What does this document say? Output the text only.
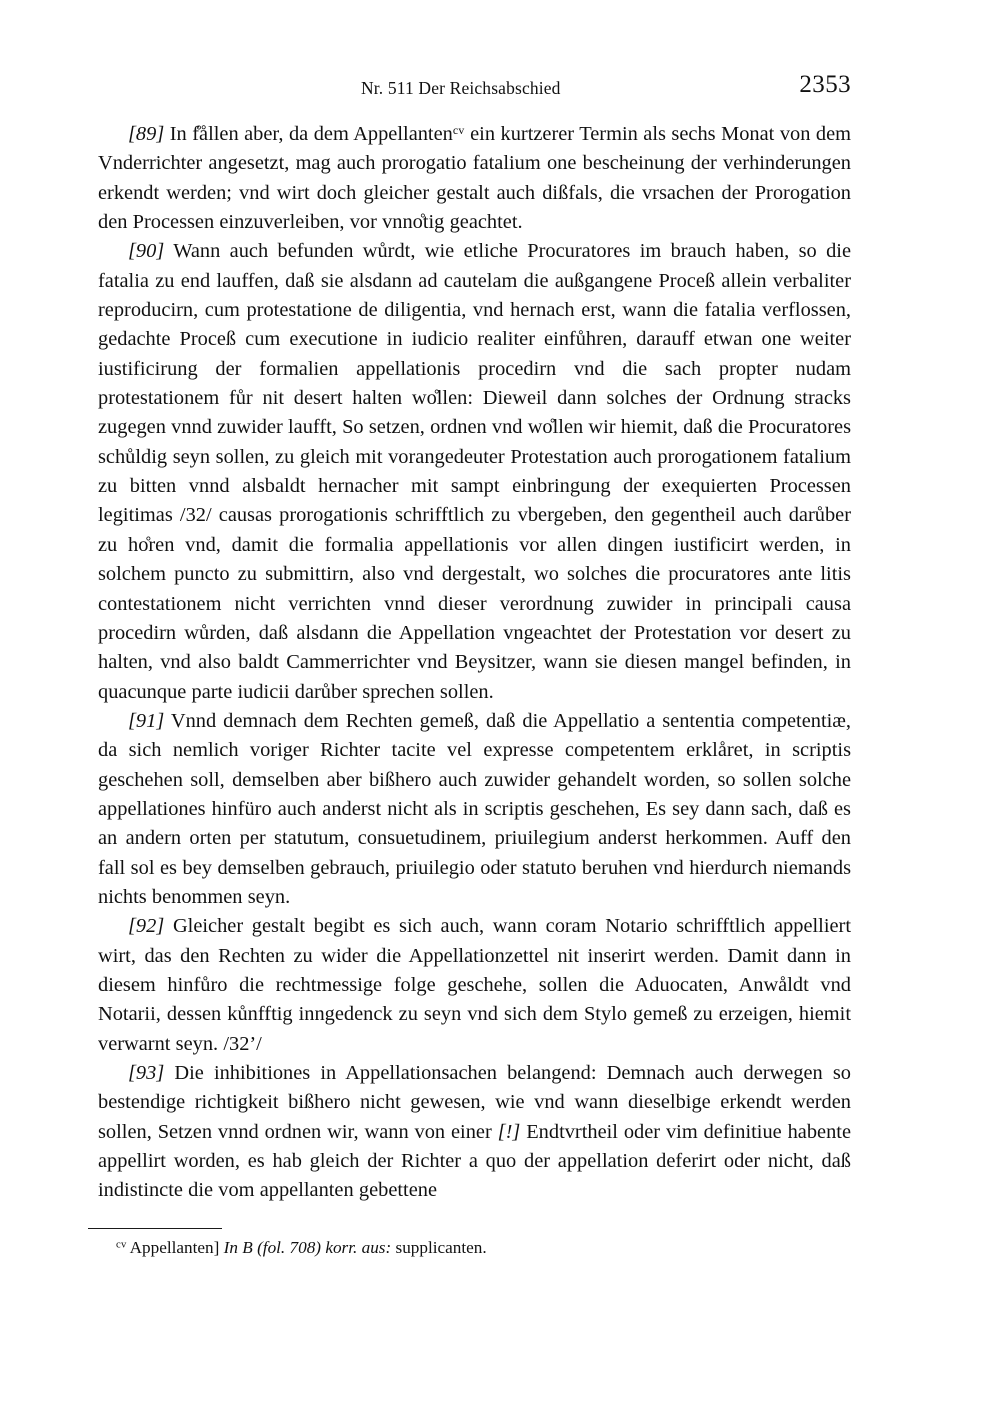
Nr. 511 Der Reichsabschied	2353

[89] In f̊ållen aber, da dem Appellanten$^{cv}$ ein kurtzerer Termin als sechs Monat von dem Vnderrichter angesetzt, mag auch prorogatio fatalium one bescheinung der verhinderungen erkendt werden; vnd wirt doch gleicher gestalt auch dißfals, die vrsachen der Prorogation den Processen einzuverleiben, vor vnno̊tig geachtet.

[90] Wann auch befunden wůrdt, wie etliche Procuratores im brauch haben, so die fatalia zu end lauffen, daß sie alsdann ad cautelam die außgangene Proceß allein verbaliter reproducirn, cum protestatione de diligentia, vnd hernach erst, wann die fatalia verflossen, gedachte Proceß cum executione in iudicio realiter einfůhren, darauff etwan one weiter iustificirung der formalien appellationis procedirn vnd die sach propter nudam protestationem fůr nit desert halten wo̊llen: Dieweil dann solches der Ordnung stracks zugegen vnnd zuwider laufft, So setzen, ordnen vnd wo̊llen wir hiemit, daß die Procuratores schůldig seyn sollen, zu gleich mit vorangedeuter Protestation auch prorogationem fatalium zu bitten vnnd alsbaldt hernacher mit sampt einbringung der exequierten Processen legitimas /32/ causas prorogationis schrifftlich zu vbergeben, den gegentheil auch darůber zu ho̊ren vnd, damit die formalia appellationis vor allen dingen iustificirt werden, in solchem puncto zu submittirn, also vnd dergestalt, wo solches die procuratores ante litis contestationem nicht verrichten vnnd dieser verordnung zuwider in principali causa procedirn wůrden, daß alsdann die Appellation vngeachtet der Protestation vor desert zu halten, vnd also baldt Cammerrichter vnd Beysitzer, wann sie diesen mangel befinden, in quacunque parte iudicii darůber sprechen sollen.

[91] Vnnd demnach dem Rechten gemeß, daß die Appellatio a sententia competentiæ, da sich nemlich voriger Richter tacite vel expresse competentem erklåret, in scriptis geschehen soll, demselben aber bißhero auch zuwider gehandelt worden, so sollen solche appellationes hinfüro auch anderst nicht als in scriptis geschehen, Es sey dann sach, daß es an andern orten per statutum, consuetudinem, priuilegium anderst herkommen. Auff den fall sol es bey demselben gebrauch, priuilegio oder statuto beruhen vnd hierdurch niemands nichts benommen seyn.

[92] Gleicher gestalt begibt es sich auch, wann coram Notario schrifftlich appelliert wirt, das den Rechten zu wider die Appellationzettel nit inserirt werden. Damit dann in diesem hinfůro die rechtmessige folge geschehe, sollen die Aduocaten, Anwåldt vnd Notarii, dessen kůnfftig inngedenck zu seyn vnd sich dem Stylo gemeß zu erzeigen, hiemit verwarnt seyn. /32’/

[93] Die inhibitiones in Appellationsachen belangend: Demnach auch derwegen so bestendige richtigkeit bißhero nicht gewesen, wie vnd wann dieselbige erkendt werden sollen, Setzen vnnd ordnen wir, wann von einer [!] Endtvrtheil oder vim definitiue habente appellirt worden, es hab gleich der Richter a quo der appellation deferirt oder nicht, daß indistincte die vom appellanten gebettene

$^{cv}$ Appellanten] In B (fol. 708) korr. aus: supplicanten.
